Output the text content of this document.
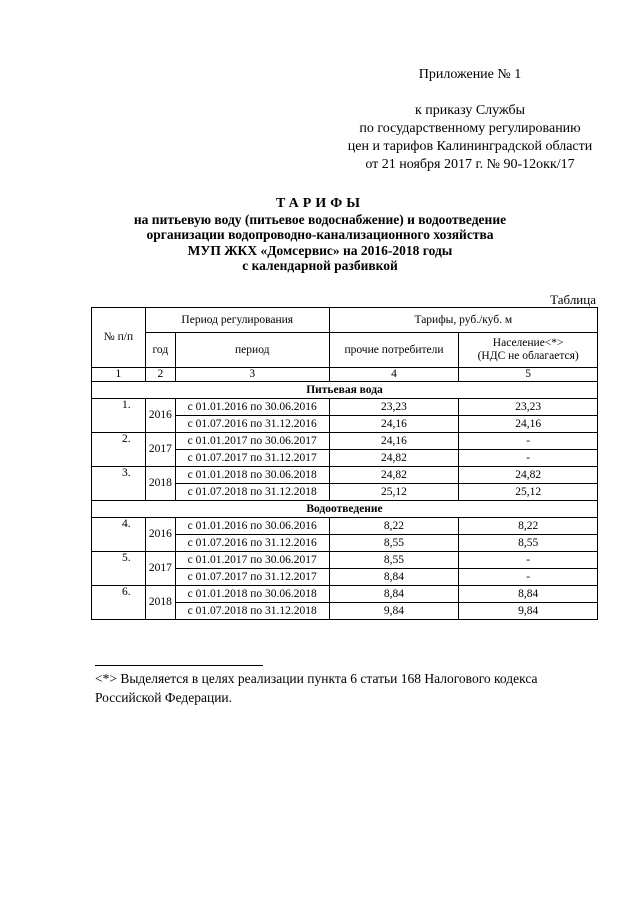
Приложение № 1
к приказу Службы
по государственному регулированию
цен и тарифов Калининградской области
от 21 ноября 2017 г. № 90-12окк/17
ТАРИФЫ
на питьевую воду (питьевое водоснабжение) и водоотведение
организации водопроводно-канализационного хозяйства
МУП ЖКХ «Домсервис» на 2016-2018 годы
с календарной разбивкой
Таблица
№ п/п	Период регулирования		Тарифы, руб./куб. м	
	год	период	прочие потребители	Население<*>
(НДС не облагается)

1	2	3	4	5
Питьевая вода				
1.	2016	с 01.01.2016 по 30.06.2016	23,23	23,23
		с 01.07.2016 по 31.12.2016	24,16	24,16
2.	2017	с 01.01.2017 по 30.06.2017	24,16	-
		с 01.07.2017 по 31.12.2017	24,82	-
3.	2018	с 01.01.2018 по 30.06.2018	24,82	24,82
		с 01.07.2018 по 31.12.2018	25,12	25,12
Водоотведение				
4.	2016	с 01.01.2016 по 30.06.2016	8,22	8,22
		с 01.07.2016 по 31.12.2016	8,55	8,55
5.	2017	с 01.01.2017 по 30.06.2017	8,55	-
		с 01.07.2017 по 31.12.2017	8,84	-
6.	2018	с 01.01.2018 по 30.06.2018	8,84	8,84
		с 01.07.2018 по 31.12.2018	9,84	9,84
<*> Выделяется в целях реализации пункта 6 статьи 168 Налогового кодекса Российской Федерации.
